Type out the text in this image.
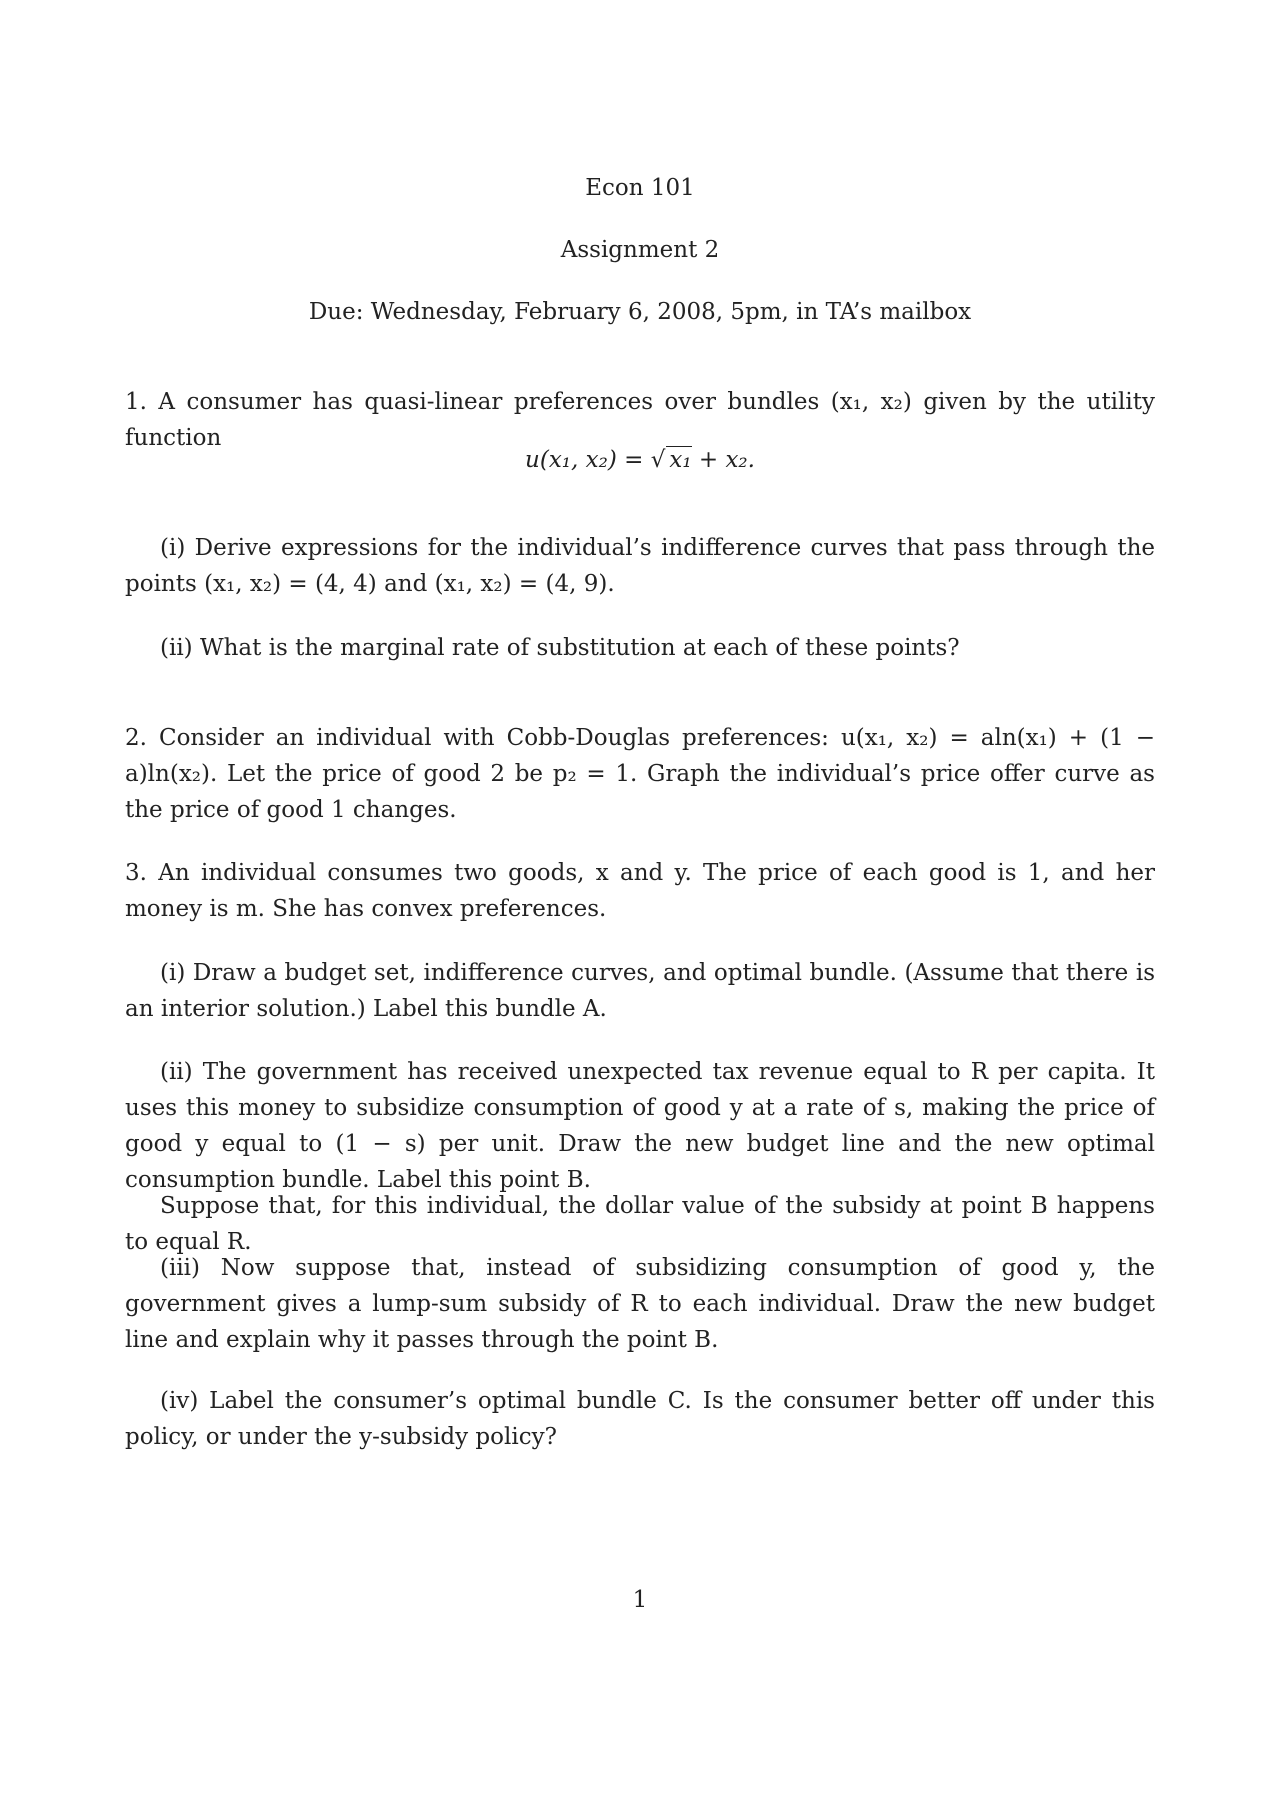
Econ 101
Assignment 2
Due: Wednesday, February 6, 2008, 5pm, in TA’s mailbox
1. A consumer has quasi-linear preferences over bundles (x₁, x₂) given by the utility function
u(x₁, x₂) = √ x₁ + x₂.
(i) Derive expressions for the individual’s indifference curves that pass through the points (x₁, x₂) = (4, 4) and (x₁, x₂) = (4, 9).
(ii) What is the marginal rate of substitution at each of these points?
2. Consider an individual with Cobb-Douglas preferences: u(x₁, x₂) = aln(x₁) + (1 − a)ln(x₂). Let the price of good 2 be p₂ = 1. Graph the individual’s price offer curve as the price of good 1 changes.
3. An individual consumes two goods, x and y. The price of each good is 1, and her money is m. She has convex preferences.
(i) Draw a budget set, indifference curves, and optimal bundle. (Assume that there is an interior solution.) Label this bundle A.
(ii) The government has received unexpected tax revenue equal to R per capita. It uses this money to subsidize consumption of good y at a rate of s, making the price of good y equal to (1 − s) per unit. Draw the new budget line and the new optimal consumption bundle. Label this point B.
Suppose that, for this individual, the dollar value of the subsidy at point B happens to equal R.
(iii) Now suppose that, instead of subsidizing consumption of good y, the government gives a lump-sum subsidy of R to each individual. Draw the new budget line and explain why it passes through the point B.
(iv) Label the consumer’s optimal bundle C. Is the consumer better off under this policy, or under the y-subsidy policy?
1
